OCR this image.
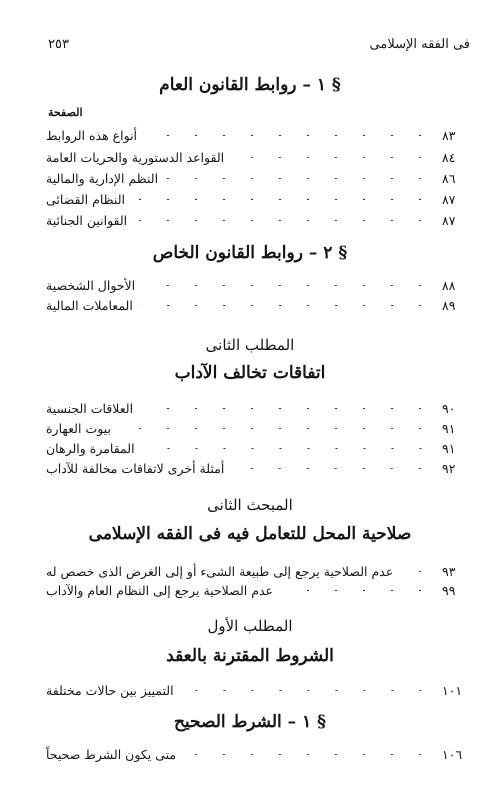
فى الفقه الإسلامى
٢٥٣
§ ١ – روابط القانون العام
الصفحة
أنواع هذه الروابط	٨٣
القواعد الدستورية والحريات العامة	٨٤
النظم الإدارية والمالية	٨٦
النظام القضائى	٨٧
القوانين الجنائية	٨٧
§ ٢ – روابط القانون الخاص
الأحوال الشخصية	٨٨
المعاملات المالية	٨٩
المطلب الثانى
اتفاقات تخالف الآداب
العلاقات الجنسية	٩٠
بيوت العهارة	٩١
المقامرة والرهان	٩١
أمثلة أخرى لاتفاقات مخالفة للآداب	٩٢
المبحث الثانى
صلاحية المحل للتعامل فيه فى الفقه الإسلامى
عدم الصلاحية يرجع إلى طبيعة الشىء أو إلى الغرض الذى خصص له	٩٣
عدم الصلاحية يرجع إلى النظام العام والآداب	٩٩
المطلب الأول
الشروط المقترنة بالعقد
التمييز بين حالات مختلفة	١٠١
§ ١ – الشرط الصحيح
متى يكون الشرط صحيحاً	١٠٦
